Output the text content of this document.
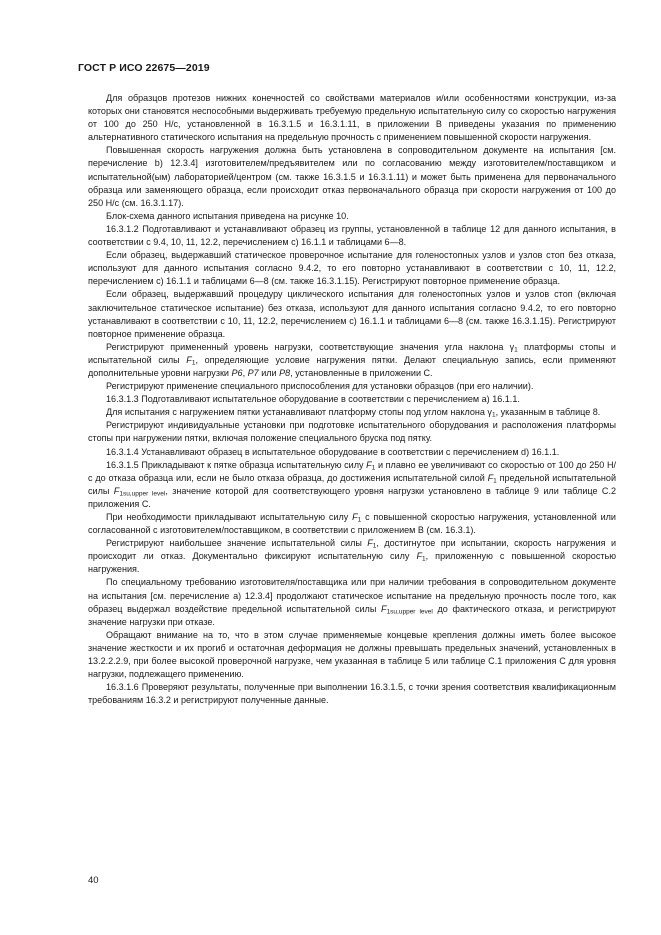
ГОСТ Р ИСО 22675—2019

Для образцов протезов нижних конечностей со свойствами материалов и/или особенностями конструкции, из-за которых они становятся неспособными выдерживать требуемую предельную испытательную силу со скоростью нагружения от 100 до 250 Н/с, установленной в 16.3.1.5 и 16.3.1.11, в приложении В приведены указания по применению альтернативного статического испытания на предельную прочность с применением повышенной скорости нагружения.

Повышенная скорость нагружения должна быть установлена в сопроводительном документе на испытания [см. перечисление b) 12.3.4] изготовителем/предъявителем или по согласованию между изготовителем/поставщиком и испытательной(ым) лабораторией/центром (см. также 16.3.1.5 и 16.3.1.11) и может быть применена для первоначального образца или заменяющего образца, если происходит отказ первоначального образца при скорости нагружения от 100 до 250 Н/с (см. 16.3.1.17).

Блок-схема данного испытания приведена на рисунке 10.

16.3.1.2 Подготавливают и устанавливают образец из группы, установленной в таблице 12 для данного испытания, в соответствии с 9.4, 10, 11, 12.2, перечислением с) 16.1.1 и таблицами 6—8.

Если образец, выдержавший статическое проверочное испытание для голеностопных узлов и узлов стоп без отказа, используют для данного испытания согласно 9.4.2, то его повторно устанавливают в соответствии с 10, 11, 12.2, перечислением с) 16.1.1 и таблицами 6—8 (см. также 16.3.1.15). Регистрируют повторное применение образца.

Если образец, выдержавший процедуру циклического испытания для голеностопных узлов и узлов стоп (включая заключительное статическое испытание) без отказа, используют для данного испытания согласно 9.4.2, то его повторно устанавливают в соответствии с 10, 11, 12.2, перечислением с) 16.1.1 и таблицами 6—8 (см. также 16.3.1.15). Регистрируют повторное применение образца.

Регистрируют примененный уровень нагрузки, соответствующие значения угла наклона $\gamma_1$ платформы стопы и испытательной силы $F_1$, определяющие условие нагружения пятки. Делают специальную запись, если применяют дополнительные уровни нагрузки P6, P7 или P8, установленные в приложении С.

Регистрируют применение специального приспособления для установки образцов (при его наличии).

16.3.1.3 Подготавливают испытательное оборудование в соответствии с перечислением а) 16.1.1.

Для испытания с нагружением пятки устанавливают платформу стопы под углом наклона $\gamma_1$, указанным в таблице 8.

Регистрируют индивидуальные установки при подготовке испытательного оборудования и расположения платформы стопы при нагружении пятки, включая положение специального бруска под пятку.

16.3.1.4 Устанавливают образец в испытательное оборудование в соответствии с перечислением d) 16.1.1.

16.3.1.5 Прикладывают к пятке образца испытательную силу $F_1$ и плавно ее увеличивают со скоростью от 100 до 250 Н/с до отказа образца или, если не было отказа образца, до достижения испытательной силой $F_1$ предельной испытательной силы $F_{1su,upper level}$, значение которой для соответствующего уровня нагрузки установлено в таблице 9 или таблице С.2 приложения С.

При необходимости прикладывают испытательную силу $F_1$ с повышенной скоростью нагружения, установленной или согласованной с изготовителем/поставщиком, в соответствии с приложением В (см. 16.3.1).

Регистрируют наибольшее значение испытательной силы $F_1$, достигнутое при испытании, скорость нагружения и происходит ли отказ. Документально фиксируют испытательную силу $F_1$, приложенную с повышенной скоростью нагружения.

По специальному требованию изготовителя/поставщика или при наличии требования в сопроводительном документе на испытания [см. перечисление а) 12.3.4] продолжают статическое испытание на предельную прочность после того, как образец выдержал воздействие предельной испытательной силы $F_{1su,upper level}$ до фактического отказа, и регистрируют значение нагрузки при отказе.

Обращают внимание на то, что в этом случае применяемые концевые крепления должны иметь более высокое значение жесткости и их прогиб и остаточная деформация не должны превышать предельных значений, установленных в 13.2.2.2.9, при более высокой проверочной нагрузке, чем указанная в таблице 5 или таблице С.1 приложения С для уровня нагрузки, подлежащего применению.

16.3.1.6 Проверяют результаты, полученные при выполнении 16.3.1.5, с точки зрения соответствия квалификационным требованиям 16.3.2 и регистрируют полученные данные.

40
